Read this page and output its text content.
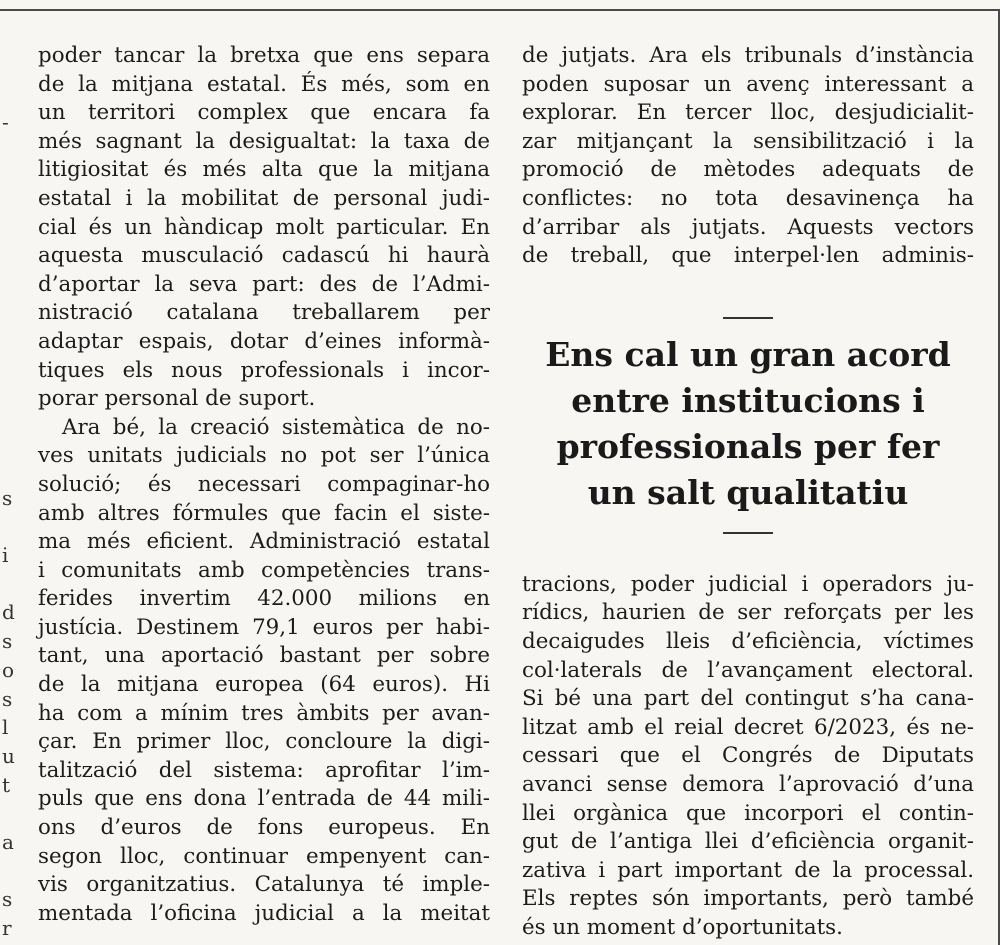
-
s
i
d
s
o
s
l
u
t
a
s
r
poder tancar la bretxa que ens separa
de la mitjana estatal. És més, som en
un territori complex que encara fa
més sagnant la desigualtat: la taxa de
litigiositat és més alta que la mitjana
estatal i la mobilitat de personal judi-
cial és un hàndicap molt particular. En
aquesta musculació cadascú hi haurà
d’aportar la seva part: des de l’Admi-
nistració catalana treballarem per
adaptar espais, dotar d’eines informà-
tiques els nous professionals i incor-
porar personal de suport.
Ara bé, la creació sistemàtica de no-
ves unitats judicials no pot ser l’única
solució; és necessari compaginar-ho
amb altres fórmules que facin el siste-
ma més eficient. Administració estatal
i comunitats amb competències trans-
ferides invertim 42.000 milions en
justícia. Destinem 79,1 euros per habi-
tant, una aportació bastant per sobre
de la mitjana europea (64 euros). Hi
ha com a mínim tres àmbits per avan-
çar. En primer lloc, concloure la digi-
talització del sistema: aprofitar l’im-
puls que ens dona l’entrada de 44 mili-
ons d’euros de fons europeus. En
segon lloc, continuar empenyent can-
vis organitzatius. Catalunya té imple-
mentada l’oficina judicial a la meitat
de jutjats. Ara els tribunals d’instància
poden suposar un avenç interessant a
explorar. En tercer lloc, desjudicialit-
zar mitjançant la sensibilització i la
promoció de mètodes adequats de
conflictes: no tota desavinença ha
d’arribar als jutjats. Aquests vectors
de treball, que interpel·len adminis-
Ens cal un gran acord
entre institucions i
professionals per fer
un salt qualitatiu
tracions, poder judicial i operadors ju-
rídics, haurien de ser reforçats per les
decaigudes lleis d’eficiència, víctimes
col·laterals de l’avançament electoral.
Si bé una part del contingut s’ha cana-
litzat amb el reial decret 6/2023, és ne-
cessari que el Congrés de Diputats
avanci sense demora l’aprovació d’una
llei orgànica que incorpori el contin-
gut de l’antiga llei d’eficiència organit-
zativa i part important de la processal.
Els reptes són importants, però també
és un moment d’oportunitats.
